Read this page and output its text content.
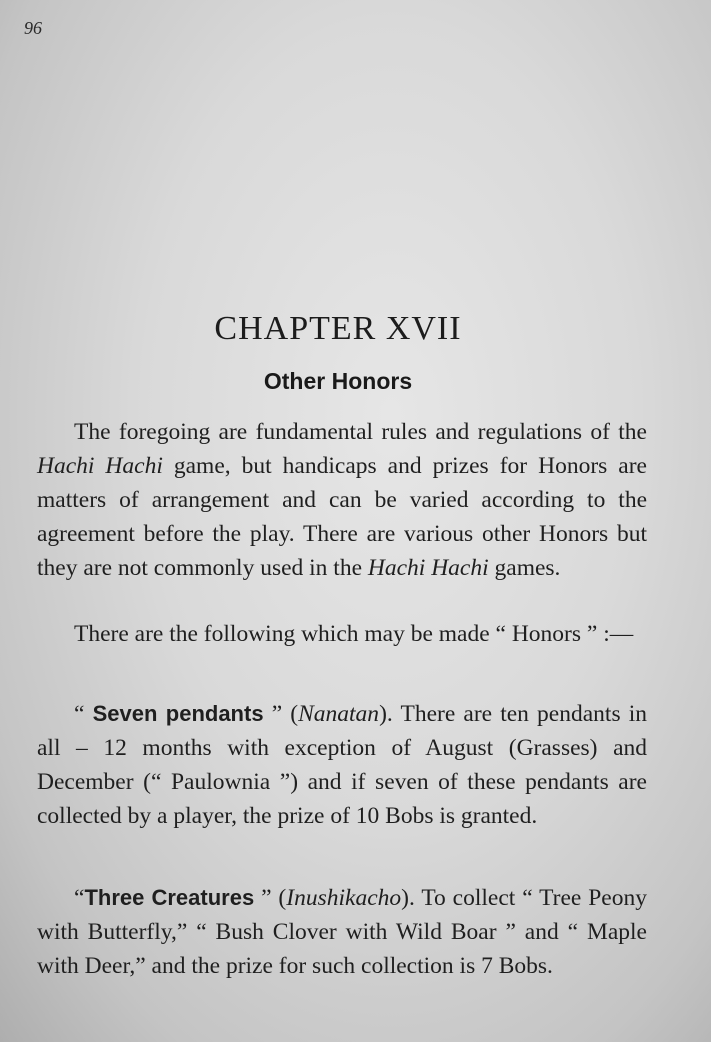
96
CHAPTER XVII
Other Honors

The foregoing are fundamental rules and regulations of the Hachi Hachi game, but handicaps and prizes for Honors are matters of arrangement and can be varied according to the agreement before the play. There are various other Honors but they are not commonly used in the Hachi Hachi games.

There are the following which may be made “ Honors ” :—

“ Seven pendants ” (Nanatan). There are ten pendants in all – 12 months with exception of August (Grasses) and December (“ Paulownia ”) and if seven of these pendants are collected by a player, the prize of 10 Bobs is granted.

“Three Creatures ” (Inushikacho). To collect “ Tree Peony with Butterfly,” “ Bush Clover with Wild Boar ” and “ Maple with Deer,” and the prize for such collection is 7 Bobs.
